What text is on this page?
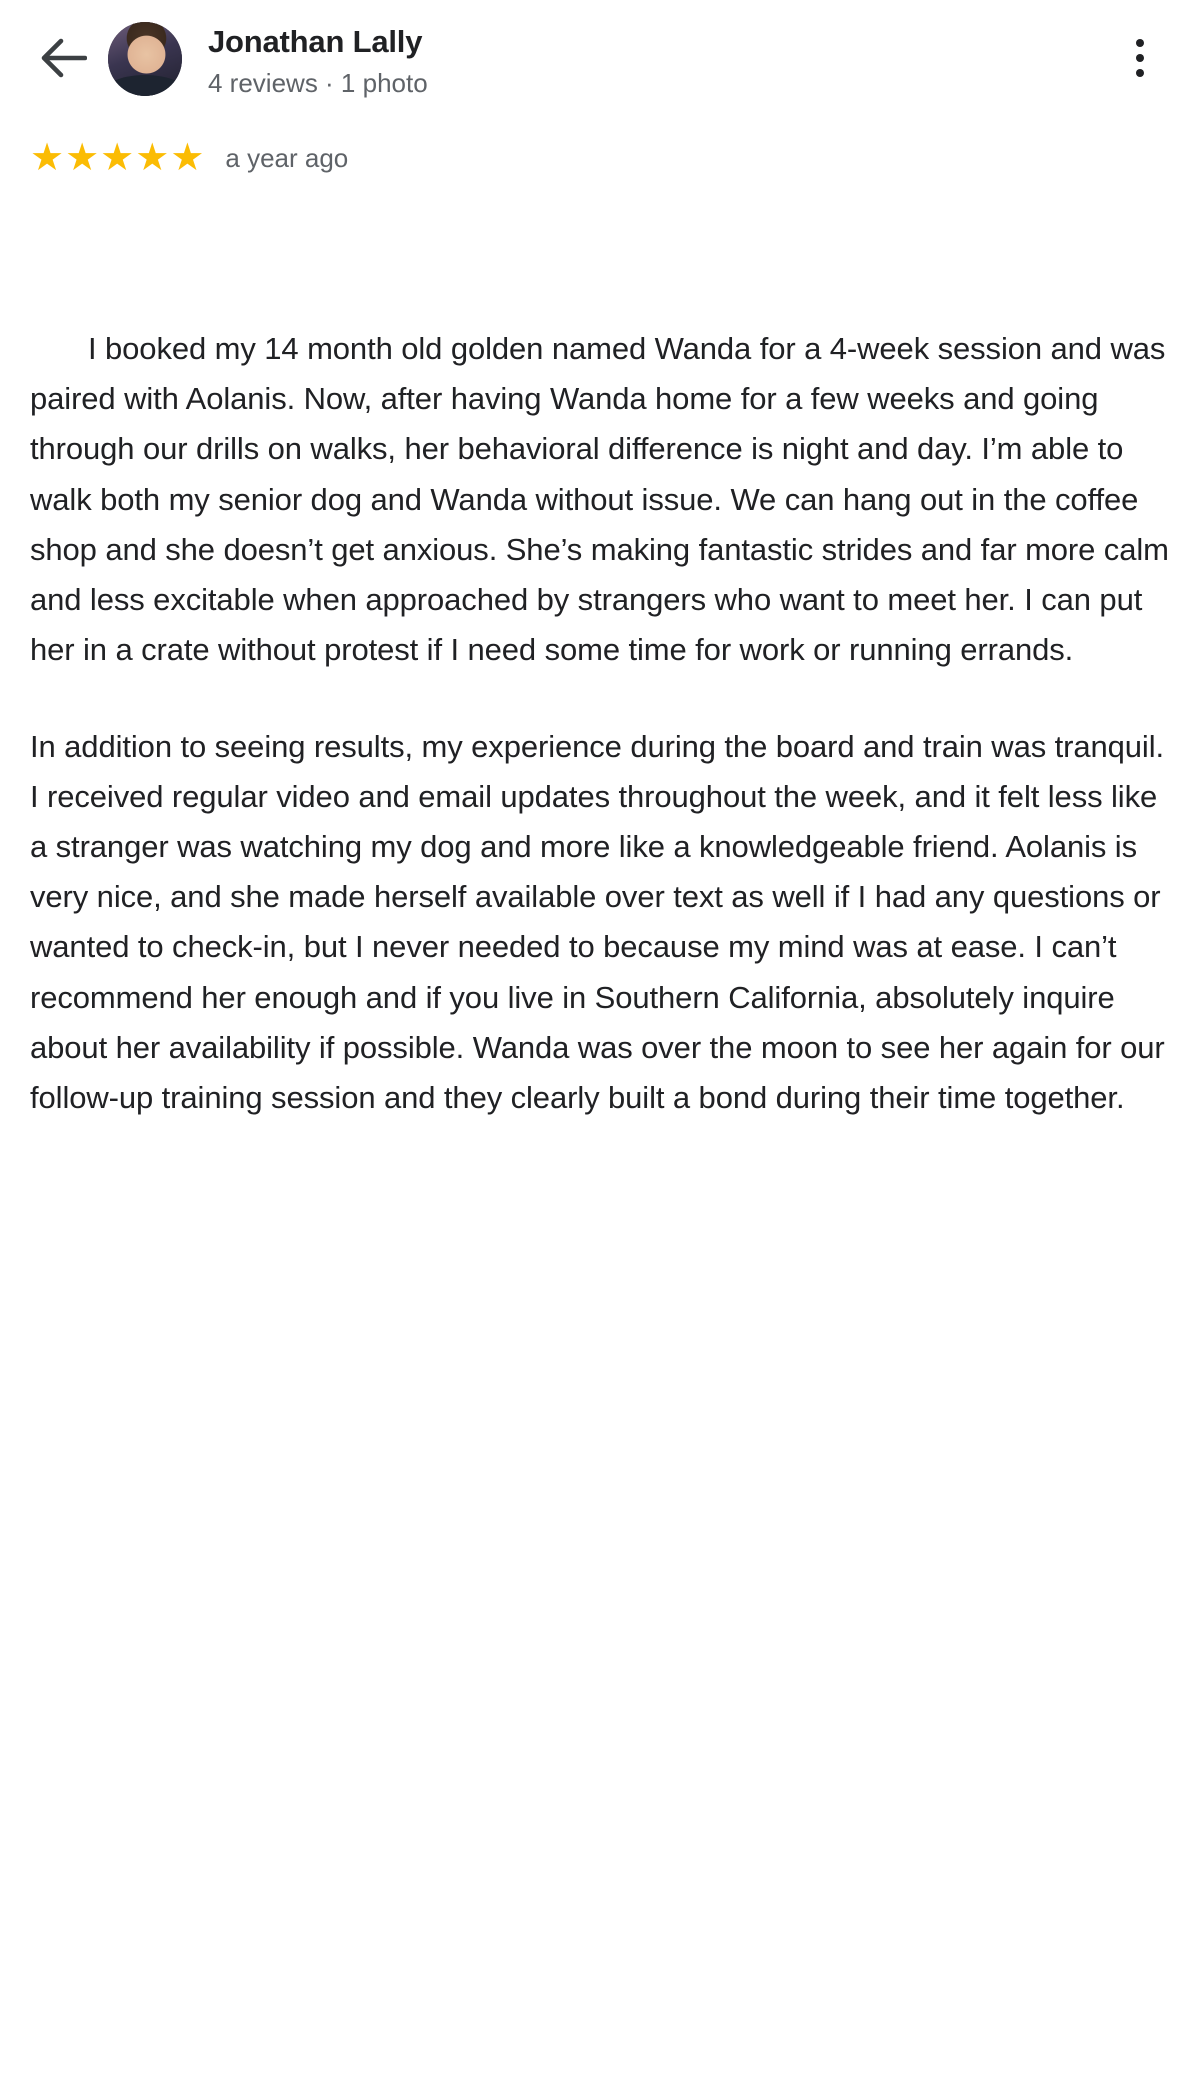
Jonathan Lally
4 reviews · 1 photo
★ ★ ★ ★ ★ a year ago

I booked my 14 month old golden named Wanda for a 4-week session and was paired with Aolanis. Now, after having Wanda home for a few weeks and going through our drills on walks, her behavioral difference is night and day. I’m able to walk both my senior dog and Wanda without issue. We can hang out in the coffee shop and she doesn’t get anxious. She’s making fantastic strides and far more calm and less excitable when approached by strangers who want to meet her. I can put her in a crate without protest if I need some time for work or running errands.

In addition to seeing results, my experience during the board and train was tranquil. I received regular video and email updates throughout the week, and it felt less like a stranger was watching my dog and more like a knowledgeable friend. Aolanis is very nice, and she made herself available over text as well if I had any questions or wanted to check-in, but I never needed to because my mind was at ease. I can’t recommend her enough and if you live in Southern California, absolutely inquire about her availability if possible. Wanda was over the moon to see her again for our follow-up training session and they clearly built a bond during their time together.
